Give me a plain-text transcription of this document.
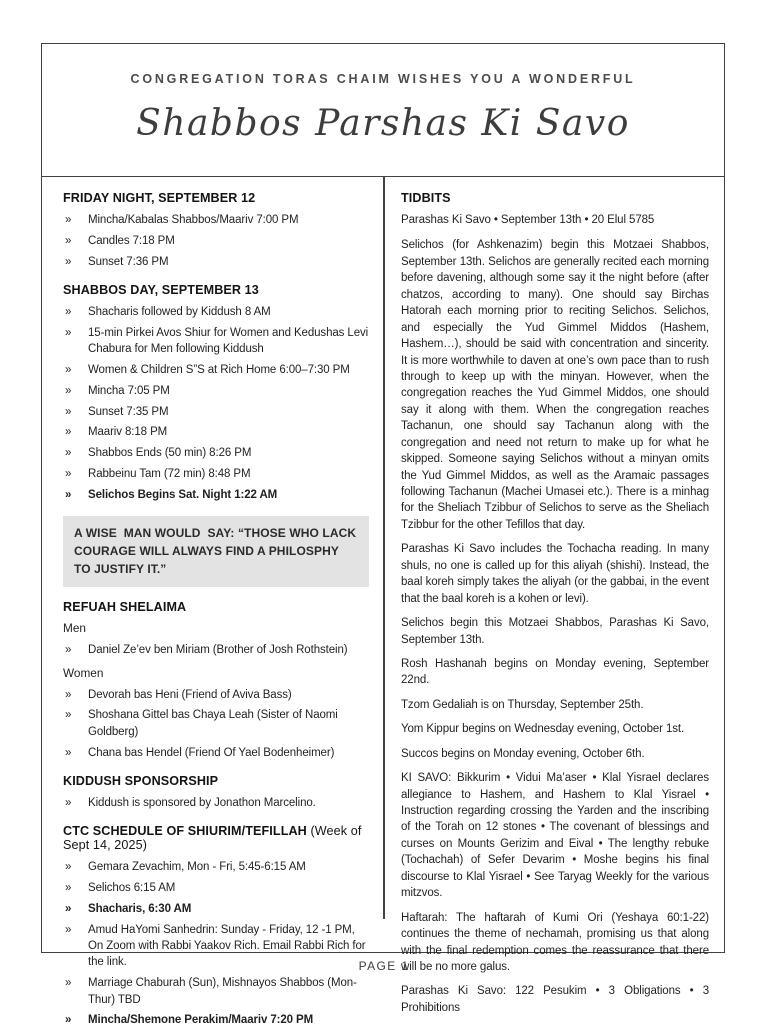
CONGREGATION TORAS CHAIM WISHES YOU A WONDERFUL
Shabbos Parshas Ki Savo
FRIDAY NIGHT, SEPTEMBER 12
»	Mincha/Kabalas Shabbos/Maariv 7:00 PM
»	Candles 7:18 PM
»	Sunset 7:36 PM
SHABBOS DAY, SEPTEMBER 13
»	Shacharis followed by Kiddush 8 AM
»	15-min Pirkei Avos Shiur for Women and Kedushas Levi Chabura for Men following Kiddush
»	Women & Children S”S at Rich Home 6:00–7:30 PM
»	Mincha 7:05 PM
»	Sunset 7:35 PM
»	Maariv 8:18 PM
»	Shabbos Ends (50 min) 8:26 PM
»	Rabbeinu Tam (72 min) 8:48 PM
»	Selichos Begins Sat. Night 1:22 AM
A WISE  MAN WOULD  SAY: “THOSE WHO LACK COURAGE WILL ALWAYS FIND A PHILOSPHY TO JUSTIFY IT.”
REFUAH SHELAIMA
Men
»	Daniel Ze’ev ben Miriam (Brother of Josh Rothstein)
Women
»	Devorah bas Heni (Friend of Aviva Bass)
»	Shoshana Gittel bas Chaya Leah (Sister of Naomi Goldberg)
»	Chana bas Hendel (Friend Of Yael Bodenheimer)
KIDDUSH SPONSORSHIP
»	Kiddush is sponsored by Jonathon Marcelino.
CTC SCHEDULE OF SHIURIM/TEFILLAH (Week of Sept 14, 2025)
»	Gemara Zevachim, Mon - Fri, 5:45-6:15 AM
»	Selichos 6:15 AM
»	Shacharis, 6:30 AM
»	Amud HaYomi Sanhedrin: Sunday - Friday, 12 -1 PM, On Zoom with Rabbi Yaakov Rich. Email Rabbi Rich for the link.
»	Marriage Chaburah (Sun), Mishnayos Shabbos (Mon-Thur) TBD
»	Mincha/Shemone Perakim/Maariv 7:20 PM
TIDBITS

Parashas Ki Savo • September 13th • 20 Elul 5785

Selichos (for Ashkenazim) begin this Motzaei Shabbos, September 13th. Selichos are generally recited each morning before davening, although some say it the night before (after chatzos, according to many). One should say Birchas Hatorah each morning prior to reciting Selichos. Selichos, and especially the Yud Gimmel Middos (Hashem, Hashem…), should be said with concentration and sincerity. It is more worthwhile to daven at one’s own pace than to rush through to keep up with the minyan. However, when the congregation reaches the Yud Gimmel Middos, one should say it along with them. When the congregation reaches Tachanun, one should say Tachanun along with the congregation and need not return to make up for what he skipped. Someone saying Selichos without a minyan omits the Yud Gimmel Middos, as well as the Aramaic passages following Tachanun (Machei Umasei etc.). There is a minhag for the Sheliach Tzibbur of Selichos to serve as the Sheliach Tzibbur for the other Tefillos that day.

Parashas Ki Savo includes the Tochacha reading. In many shuls, no one is called up for this aliyah (shishi). Instead, the baal koreh simply takes the aliyah (or the gabbai, in the event that the baal koreh is a kohen or levi).

Selichos begin this Motzaei Shabbos, Parashas Ki Savo, September 13th.

Rosh Hashanah begins on Monday evening, September 22nd.

Tzom Gedaliah is on Thursday, September 25th.

Yom Kippur begins on Wednesday evening, October 1st.

Succos begins on Monday evening, October 6th.

KI SAVO: Bikkurim • Vidui Ma’aser • Klal Yisrael declares allegiance to Hashem, and Hashem to Klal Yisrael • Instruction regarding crossing the Yarden and the inscribing of the Torah on 12 stones • The covenant of blessings and curses on Mounts Gerizim and Eival • The lengthy rebuke (Tochachah) of Sefer Devarim • Moshe begins his final discourse to Klal Yisrael • See Taryag Weekly for the various mitzvos.

Haftarah: The haftarah of Kumi Ori (Yeshaya 60:1-22) continues the theme of nechamah, promising us that along with the final redemption comes the reassurance that there will be no more galus.

Parashas Ki Savo: 122 Pesukim • 3 Obligations • 3 Prohibitions

PAGE 1
